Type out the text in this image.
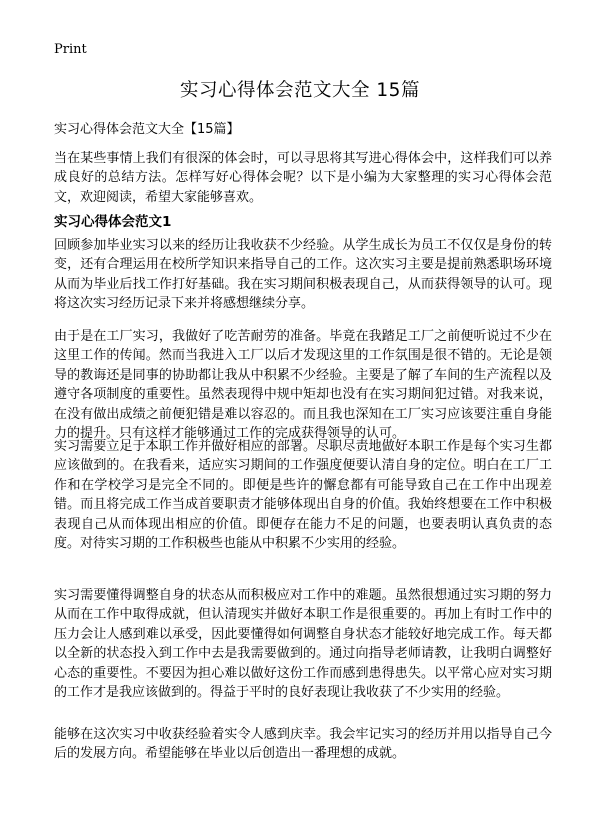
Print
实习心得体会范文大全 15篇
实习心得体会范文大全【15篇】

当在某些事情上我们有很深的体会时，可以寻思将其写进心得体会中，这样我们可以养成良好的总结方法。怎样写好心得体会呢？以下是小编为大家整理的实习心得体会范文，欢迎阅读，希望大家能够喜欢。

实习心得体会范文1

回顾参加毕业实习以来的经历让我收获不少经验。从学生成长为员工不仅仅是身份的转变，还有合理运用在校所学知识来指导自己的工作。这次实习主要是提前熟悉职场环境从而为毕业后找工作打好基础。我在实习期间积极表现自己，从而获得领导的认可。现将这次实习经历记录下来并将感想继续分享。

由于是在工厂实习，我做好了吃苦耐劳的准备。毕竟在我踏足工厂之前便听说过不少在这里工作的传闻。然而当我进入工厂以后才发现这里的工作氛围是很不错的。无论是领导的教诲还是同事的协助都让我从中积累不少经验。主要是了解了车间的生产流程以及遵守各项制度的重要性。虽然表现得中规中矩却也没有在实习期间犯过错。对我来说，在没有做出成绩之前便犯错是难以容忍的。而且我也深知在工厂实习应该要注重自身能力的提升。只有这样才能够通过工作的完成获得领导的认可。

实习需要立足于本职工作并做好相应的部署。尽职尽责地做好本职工作是每个实习生都应该做到的。在我看来，适应实习期间的工作强度便要认清自身的定位。明白在工厂工作和在学校学习是完全不同的。即便是些许的懈怠都有可能导致自己在工作中出现差错。而且将完成工作当成首要职责才能够体现出自身的价值。我始终想要在工作中积极表现自己从而体现出相应的价值。即便存在能力不足的问题，也要表明认真负责的态度。对待实习期的工作积极些也能从中积累不少实用的经验。

实习需要懂得调整自身的状态从而积极应对工作中的难题。虽然很想通过实习期的努力从而在工作中取得成就，但认清现实并做好本职工作是很重要的。再加上有时工作中的压力会让人感到难以承受，因此要懂得如何调整自身状态才能较好地完成工作。每天都以全新的状态投入到工作中去是我需要做到的。通过向指导老师请教，让我明白调整好心态的重要性。不要因为担心难以做好这份工作而感到患得患失。以平常心应对实习期的工作才是我应该做到的。得益于平时的良好表现让我收获了不少实用的经验。

能够在这次实习中收获经验着实令人感到庆幸。我会牢记实习的经历并用以指导自己今后的发展方向。希望能够在毕业以后创造出一番理想的成就。
